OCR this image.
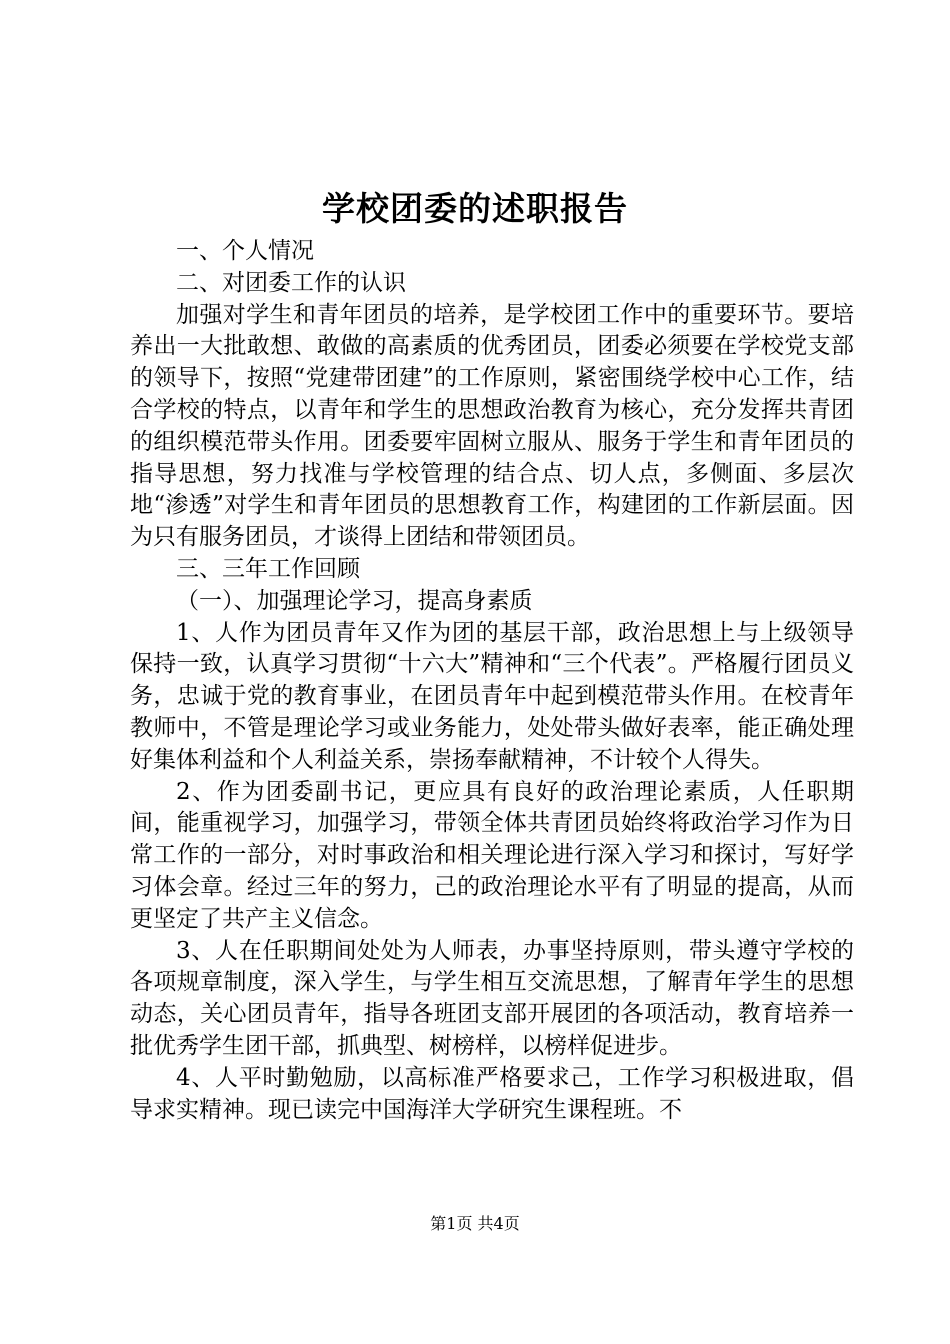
学校团委的述职报告

一、个人情况

二、对团委工作的认识

加强对学生和青年团员的培养，是学校团工作中的重要环节。要培养出一大批敢想、敢做的高素质的优秀团员，团委必须要在学校党支部的领导下，按照“党建带团建”的工作原则，紧密围绕学校中心工作，结合学校的特点，以青年和学生的思想政治教育为核心，充分发挥共青团的组织模范带头作用。团委要牢固树立服从、服务于学生和青年团员的指导思想，努力找准与学校管理的结合点、切人点，多侧面、多层次地“渗透”对学生和青年团员的思想教育工作，构建团的工作新层面。因为只有服务团员，才谈得上团结和带领团员。

三、三年工作回顾

（一）、加强理论学习，提高身素质

1、人作为团员青年又作为团的基层干部，政治思想上与上级领导保持一致，认真学习贯彻“十六大”精神和“三个代表”。严格履行团员义务，忠诚于党的教育事业，在团员青年中起到模范带头作用。在校青年教师中，不管是理论学习或业务能力，处处带头做好表率，能正确处理好集体利益和个人利益关系，崇扬奉献精神，不计较个人得失。

2、作为团委副书记，更应具有良好的政治理论素质，人任职期间，能重视学习，加强学习，带领全体共青团员始终将政治学习作为日常工作的一部分，对时事政治和相关理论进行深入学习和探讨，写好学习体会章。经过三年的努力，己的政治理论水平有了明显的提高，从而更坚定了共产主义信念。

3、人在任职期间处处为人师表，办事坚持原则，带头遵守学校的各项规章制度，深入学生，与学生相互交流思想，了解青年学生的思想动态，关心团员青年，指导各班团支部开展团的各项活动，教育培养一批优秀学生团干部，抓典型、树榜样，以榜样促进步。

4、人平时勤勉励，以高标准严格要求己，工作学习积极进取，倡导求实精神。现已读完中国海洋大学研究生课程班。不

第1页 共4页
